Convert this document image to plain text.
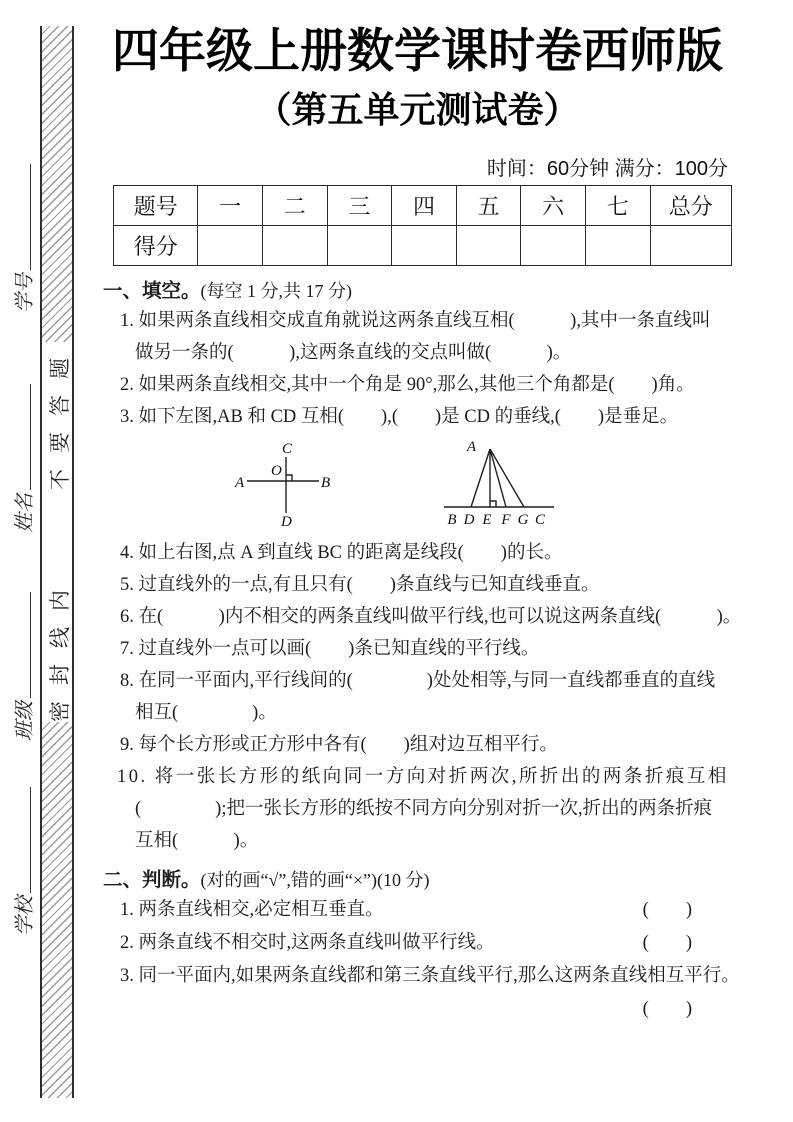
学号
姓名
班级
学校
不要答题
密封线内
四年级上册数学课时卷西师版
（第五单元测试卷）
时间：60分钟 满分：100分
题号	一	二	三	四	五	六	七	总分
得分								
一、填空。(每空 1 分,共 17 分)
1. 如果两条直线相交成直角就说这两条直线互相(　　　),其中一条直线叫
做另一条的(　　　),这两条直线的交点叫做(　　　)。
2. 如果两条直线相交,其中一个角是 90°,那么,其他三个角都是(　　)角。
3. 如下左图,AB 和 CD 互相(　　),(　　)是 CD 的垂线,(　　)是垂足。
A	B
C
D
O
A
B D E F G C
4. 如上右图,点 A 到直线 BC 的距离是线段(　　)的长。
5. 过直线外的一点,有且只有(　　)条直线与已知直线垂直。
6. 在(　　　)内不相交的两条直线叫做平行线,也可以说这两条直线(　　　)。
7. 过直线外一点可以画(　　)条已知直线的平行线。
8. 在同一平面内,平行线间的(　　　　)处处相等,与同一直线都垂直的直线
相互(　　　　)。
9. 每个长方形或正方形中各有(　　)组对边互相平行。
10. 将一张长方形的纸向同一方向对折两次,所折出的两条折痕互相
(　　　　);把一张长方形的纸按不同方向分别对折一次,折出的两条折痕
互相(　　　)。
二、判断。(对的画“√”,错的画“×”)(10 分)
1. 两条直线相交,必定相互垂直。	(　　)
2. 两条直线不相交时,这两条直线叫做平行线。	(　　)
3. 同一平面内,如果两条直线都和第三条直线平行,那么这两条直线相互平行。
(　　)
